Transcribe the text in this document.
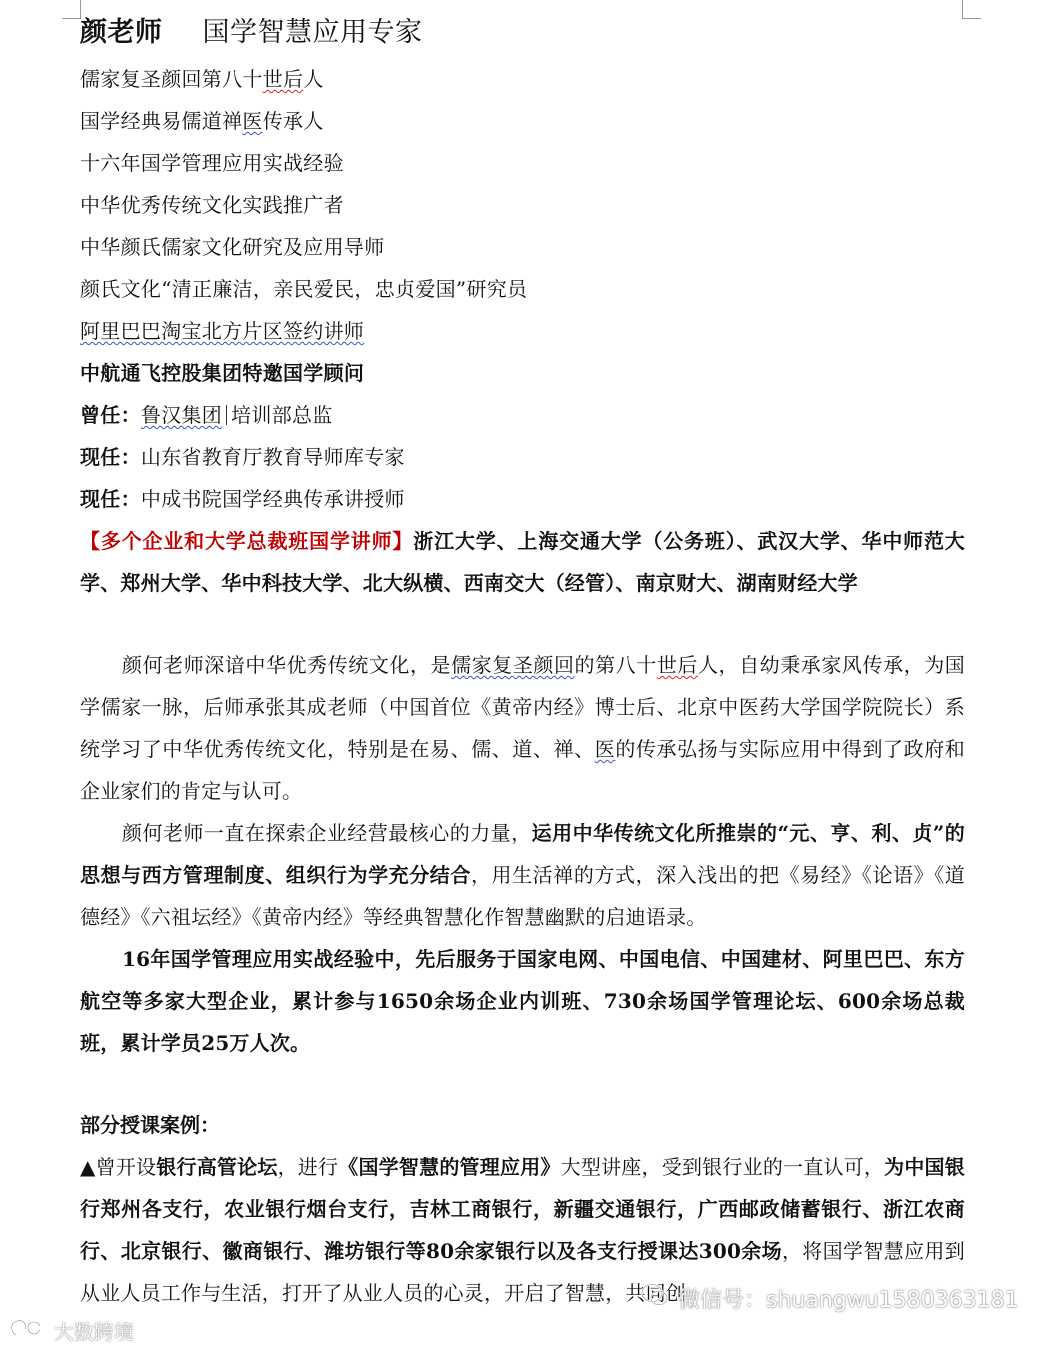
颜老师 国学智慧应用专家
儒家复圣颜回第八十世后人
国学经典易儒道禅医传承人
十六年国学管理应用实战经验
中华优秀传统文化实践推广者
中华颜氏儒家文化研究及应用导师
颜氏文化“清正廉洁，亲民爱民，忠贞爱国”研究员
阿里巴巴淘宝北方片区签约讲师
中航通飞控股集团特邀国学顾问
曾任：鲁汉集团 培训部总监
现任：山东省教育厅教育导师库专家
现任：中成书院国学经典传承讲授师
【多个企业和大学总裁班国学讲师】浙江大学、上海交通大学（公务班）、武汉大学、华中师范大学、郑州大学、华中科技大学、北大纵横、西南交大（经管）、南京财大、湖南财经大学
颜何老师深谙中华优秀传统文化，是儒家复圣颜回的第八十世后人，自幼秉承家风传承，为国学儒家一脉，后师承张其成老师（中国首位《黄帝内经》博士后、北京中医药大学国学院院长）系统学习了中华优秀传统文化，特别是在易、儒、道、禅、医的传承弘扬与实际应用中得到了政府和企业家们的肯定与认可。
颜何老师一直在探索企业经营最核心的力量，运用中华传统文化所推崇的“元、亨、利、贞”的思想与西方管理制度、组织行为学充分结合，用生活禅的方式，深入浅出的把《易经》《论语》《道德经》《六祖坛经》《黄帝内经》等经典智慧化作智慧幽默的启迪语录。
16年国学管理应用实战经验中，先后服务于国家电网、中国电信、中国建材、阿里巴巴、东方航空等多家大型企业，累计参与1650余场企业内训班、730余场国学管理论坛、600余场总裁班，累计学员25万人次。
部分授课案例：
▲曾开设银行高管论坛，进行《国学智慧的管理应用》大型讲座，受到银行业的一直认可，为中国银行郑州各支行，农业银行烟台支行，吉林工商银行，新疆交通银行，广西邮政储蓄银行、浙江农商行、北京银行、徽商银行、潍坊银行等80余家银行以及各支行授课达300余场，将国学智慧应用到从业人员工作与生活，打开了从业人员的心灵，开启了智慧，共同创
微信号：shuangwu1580363181
大数跨境
